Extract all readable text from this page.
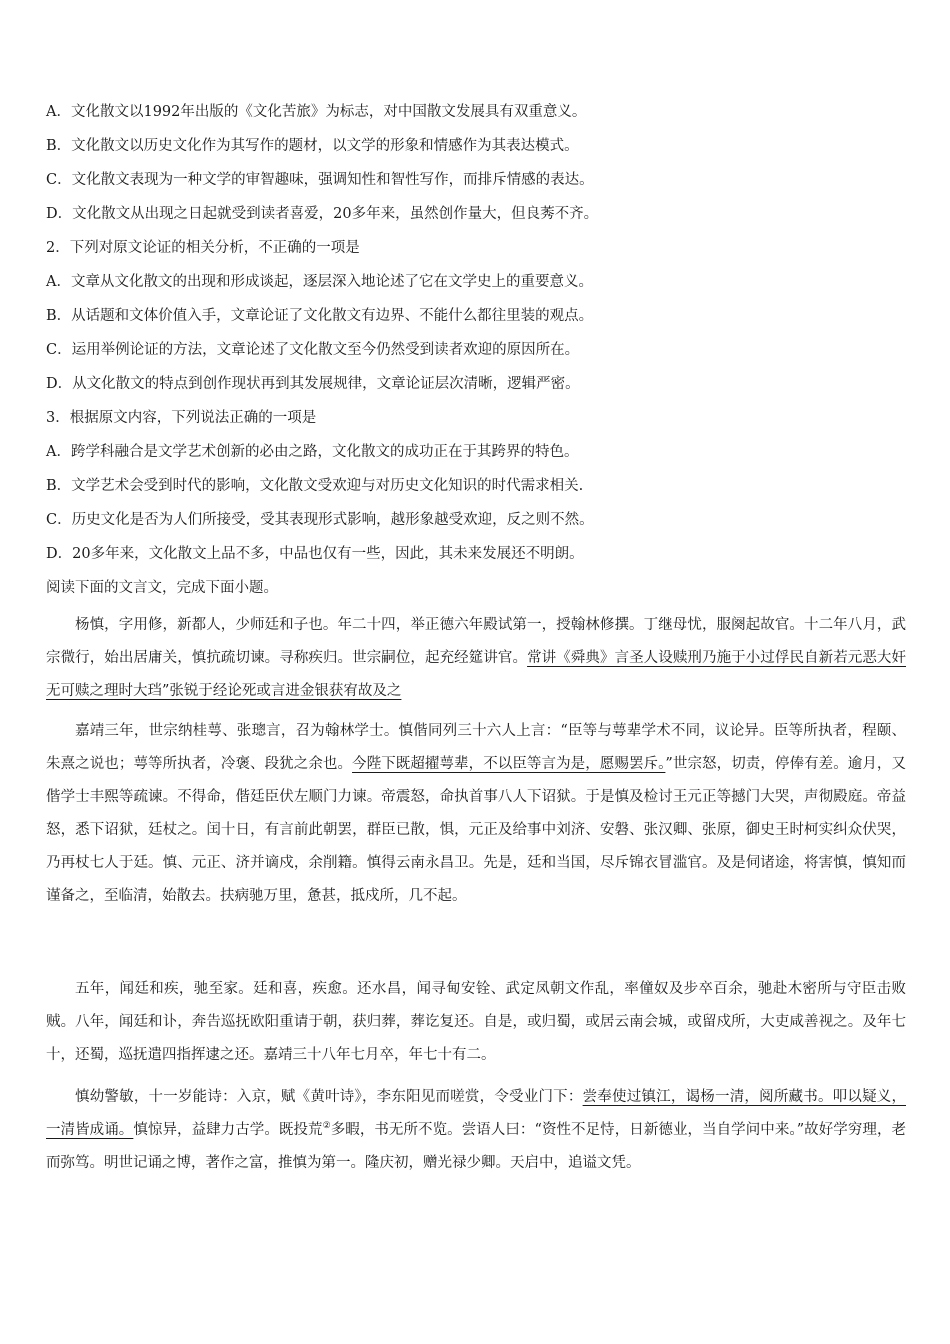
A．文化散文以1992年出版的《文化苦旅》为标志，对中国散文发展具有双重意义。
B．文化散文以历史文化作为其写作的题材，以文学的形象和情感作为其表达模式。
C．文化散文表现为一种文学的审智趣味，强调知性和智性写作，而排斥情感的表达。
D．文化散文从出现之日起就受到读者喜爱，20多年来，虽然创作量大，但良莠不齐。
2．下列对原文论证的相关分析，不正确的一项是
A．文章从文化散文的出现和形成谈起，逐层深入地论述了它在文学史上的重要意义。
B．从话题和文体价值入手，文章论证了文化散文有边界、不能什么都往里装的观点。
C．运用举例论证的方法，文章论述了文化散文至今仍然受到读者欢迎的原因所在。
D．从文化散文的特点到创作现状再到其发展规律，文章论证层次清晰，逻辑严密。
3．根据原文内容，下列说法正确的一项是
A．跨学科融合是文学艺术创新的必由之路，文化散文的成功正在于其跨界的特色。
B．文学艺术会受到时代的影响，文化散文受欢迎与对历史文化知识的时代需求相关.
C．历史文化是否为人们所接受，受其表现形式影响，越形象越受欢迎，反之则不然。
D．20多年来，文化散文上品不多，中品也仅有一些，因此，其未来发展还不明朗。
阅读下面的文言文，完成下面小题。
杨慎，字用修，新都人，少师廷和子也。年二十四，举正德六年殿试第一，授翰林修撰。丁继母忧，服阕起故官。十二年八月，武宗微行，始出居庸关，慎抗疏切谏。寻称疾归。世宗嗣位，起充经筵讲官。常讲《舜典》言圣人设赎刑乃施于小过俘民自新若元恶大奸无可赎之理时大珰”张锐于经论死或言进金银获宥故及之
嘉靖三年，世宗纳桂萼、张璁言，召为翰林学士。慎偕同列三十六人上言：“臣等与萼辈学术不同，议论异。臣等所执者，程颐、朱熹之说也；萼等所执者，冷褒、段犹之余也。今陛下既超擢萼辈，不以臣等言为是，愿赐罢斥。”世宗怒，切责，停俸有差。逾月，又偕学士丰熙等疏谏。不得命，偕廷臣伏左顺门力谏。帝震怒，命执首事八人下诏狱。于是慎及检讨王元正等撼门大哭，声彻殿庭。帝益怒，悉下诏狱，廷杖之。闰十日，有言前此朝罢，群臣已散，惧，元正及给事中刘济、安磐、张汉卿、张原，御史王时柯实纠众伏哭，乃再杖七人于廷。慎、元正、济并谪戍，余削籍。慎得云南永昌卫。先是，廷和当国，尽斥锦衣冒滥官。及是伺诸途，将害慎，慎知而谨备之，至临清，始散去。扶病驰万里，惫甚，抵戍所，几不起。
五年，闻廷和疾，驰至家。廷和喜，疾愈。还水昌，闻寻甸安铨、武定凤朝文作乱，率僮奴及步卒百余，驰赴木密所与守臣击败贼。八年，闻廷和讣，奔告巡抚欧阳重请于朝，获归葬，葬讫复还。自是，或归蜀，或居云南会城，或留戍所，大吏咸善视之。及年七十，还蜀，巡抚遣四指挥逮之还。嘉靖三十八年七月卒，年七十有二。
慎幼警敏，十一岁能诗：入京，赋《黄叶诗》，李东阳见而嗟赏，令受业门下：尝奉使过镇江，谒杨一清，阅所藏书。叩以疑义，一清皆成诵。慎惊异，益肆力古学。既投荒②多暇，书无所不览。尝语人曰：“资性不足恃，日新德业，当自学问中来。”故好学穷理，老而弥笃。明世记诵之博，著作之富，推慎为第一。隆庆初，赠光禄少卿。天启中，追谥文凭。
